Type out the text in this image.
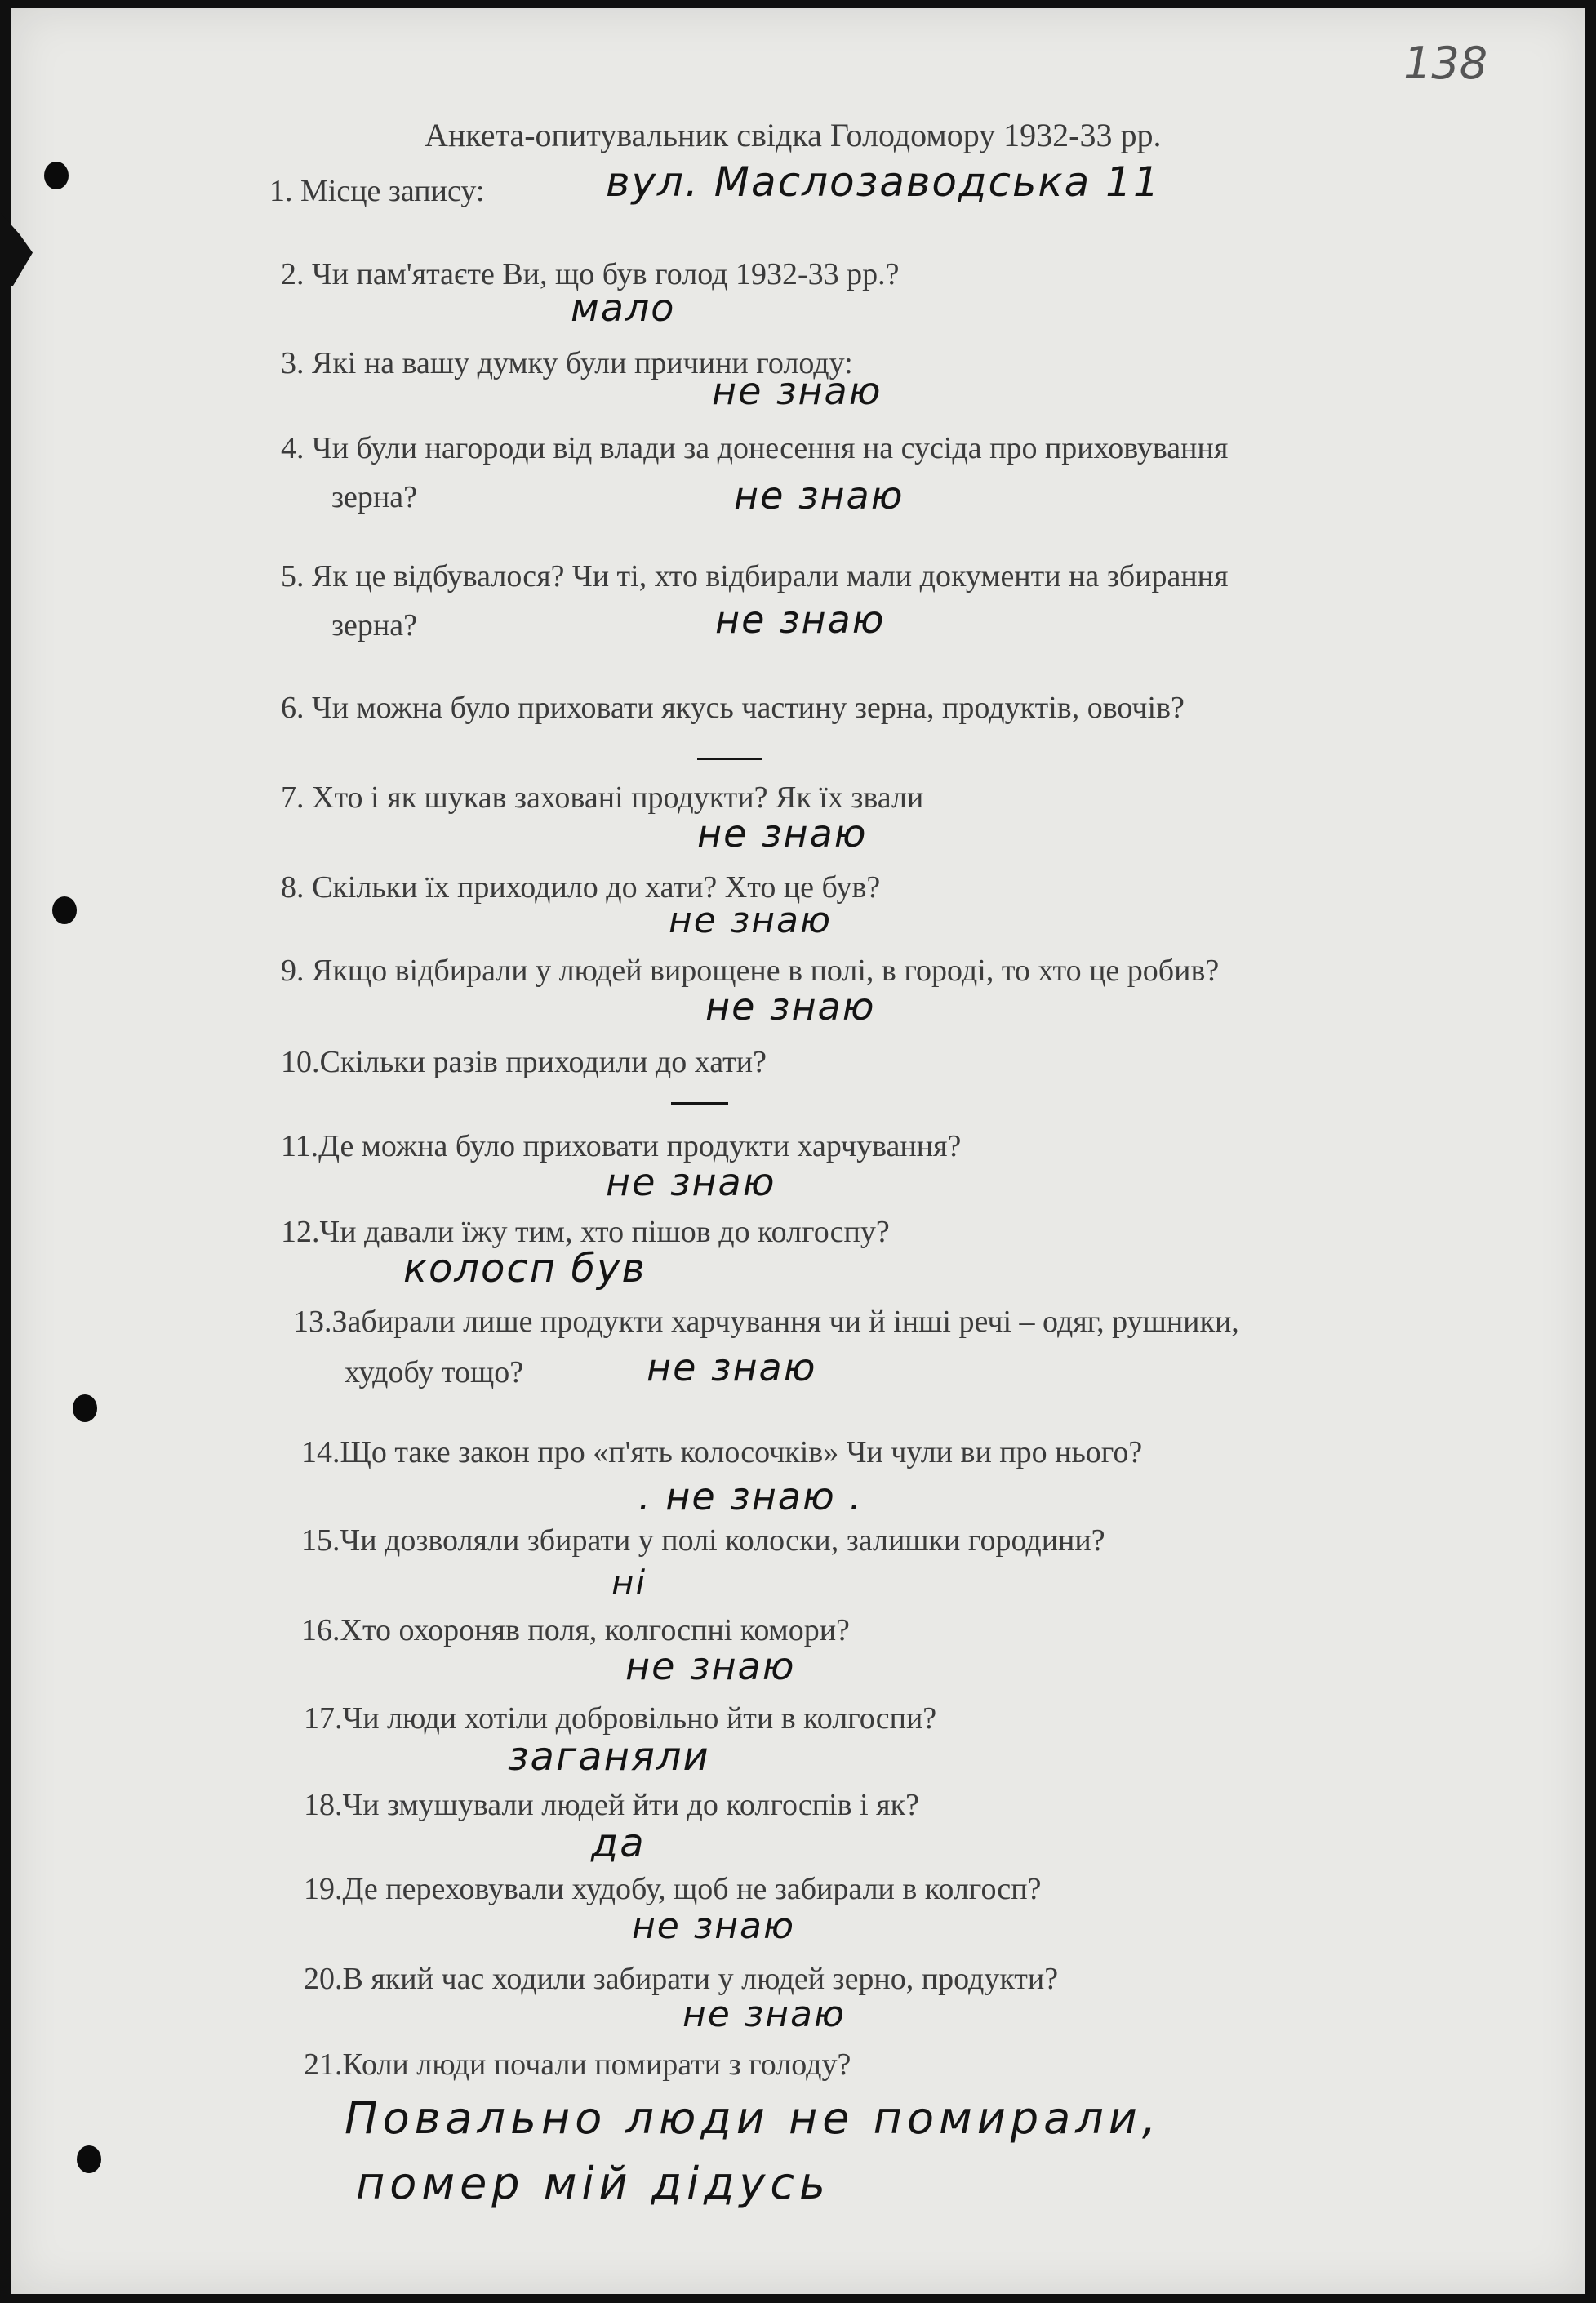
138
Анкета-опитувальник свідка Голодомору 1932-33 рр.
1. Місце запису:	вул. Маслозаводська 11
2. Чи пам'ятаєте Ви, що був голод 1932-33 рр.?
мало
3. Які на вашу думку були причини голоду:
не знаю
4. Чи були нагороди від влади за донесення на сусіда про приховування
зерна?	не знаю
5. Як це відбувалося? Чи ті, хто відбирали мали документи на збирання
зерна?	не знаю
6. Чи можна було приховати якусь частину зерна, продуктів, овочів?
7. Хто і як шукав заховані продукти? Як їх звали
не знаю
8. Скільки їх приходило до хати? Хто це був?
не знаю
9. Якщо відбирали у людей вирощене в полі, в городі, то хто це робив?
не знаю
10.Скільки разів приходили до хати?
11.Де можна було приховати продукти харчування?
не знаю
12.Чи давали їжу тим, хто пішов до колгоспу?
колосп був
13.Забирали лише продукти харчування чи й інші речі – одяг, рушники,
худобу тощо?	не знаю
14.Що таке закон про «п'ять колосочків» Чи чули ви про нього?
. не знаю .
15.Чи дозволяли збирати у полі колоски, залишки городини?
ні
16.Хто охороняв поля, колгоспні комори?
не знаю
17.Чи люди хотіли добровільно йти в колгоспи?
заганяли
18.Чи змушували людей йти до колгоспів і як?
да
19.Де переховували худобу, щоб не забирали в колгосп?
не знаю
20.В який час ходили забирати у людей зерно, продукти?
не знаю
21.Коли люди почали помирати з голоду?
Повально люди не помирали,
помер мій дідусь
